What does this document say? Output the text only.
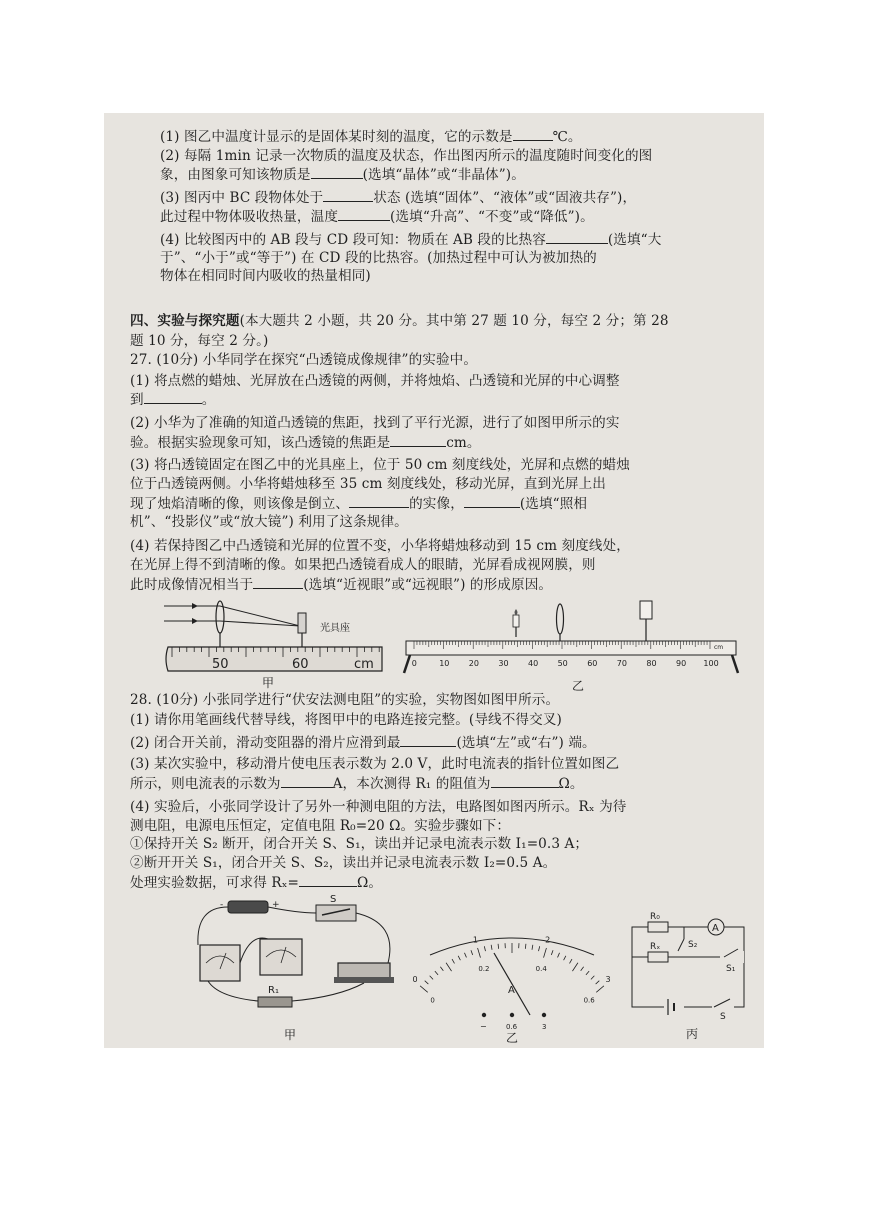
(1) 图乙中温度计显示的是固体某时刻的温度，它的示数是	℃。
(2) 每隔 1min 记录一次物质的温度及状态，作出图丙所示的温度随时间变化的图
象，由图象可知该物质是	(选填“晶体”或“非晶体”)。
(3) 图丙中 BC 段物体处于	状态 (选填“固体”、“液体”或“固液共存”)，
此过程中物体吸收热量，温度	(选填“升高”、“不变”或“降低”)。
(4) 比较图丙中的 AB 段与 CD 段可知：物质在 AB 段的比热容	(选填“大
于”、“小于”或“等于”) 在 CD 段的比热容。(加热过程中可认为被加热的
物体在相同时间内吸收的热量相同)
四、实验与探究题(本大题共 2 小题，共 20 分。其中第 27 题 10 分，每空 2 分；第 28
题 10 分，每空 2 分。)
27. (10分) 小华同学在探究“凸透镜成像规律”的实验中。
(1) 将点燃的蜡烛、光屏放在凸透镜的两侧，并将烛焰、凸透镜和光屏的中心调整
到	。
(2) 小华为了准确的知道凸透镜的焦距，找到了平行光源，进行了如图甲所示的实
验。根据实验现象可知，该凸透镜的焦距是	cm。
(3) 将凸透镜固定在图乙中的光具座上，位于 50 cm 刻度线处，光屏和点燃的蜡烛
位于凸透镜两侧。小华将蜡烛移至 35 cm 刻度线处，移动光屏，直到光屏上出
现了烛焰清晰的像，则该像是倒立、	的实像，	(选填“照相
机”、“投影仪”或“放大镜”) 利用了这条规律。
(4) 若保持图乙中凸透镜和光屏的位置不变，小华将蜡烛移动到 15 cm 刻度线处，
在光屏上得不到清晰的像。如果把凸透镜看成人的眼睛，光屏看成视网膜，则
此时成像情况相当于	(选填“近视眼”或“远视眼”) 的形成原因。
28. (10分) 小张同学进行“伏安法测电阻”的实验，实物图如图甲所示。
(1) 请你用笔画线代替导线，将图甲中的电路连接完整。(导线不得交叉)
(2) 闭合开关前，滑动变阻器的滑片应滑到最	(选填“左”或“右”) 端。
(3) 某次实验中，移动滑片使电压表示数为 2.0 V，此时电流表的指针位置如图乙
所示，则电流表的示数为	A，本次测得 R₁ 的阻值为	Ω。
(4) 实验后，小张同学设计了另外一种测电阻的方法，电路图如图丙所示。Rₓ 为待
测电阻，电源电压恒定，定值电阻 R₀=20 Ω。实验步骤如下：
①保持开关 S₂ 断开，闭合开关 S、S₁，读出并记录电流表示数 I₁=0.3 A；
②断开开关 S₁，闭合开关 S、S₂，读出并记录电流表示数 I₂=0.5 A。
处理实验数据，可求得 Rₓ=	Ω。
光具座
50	60	cm
甲
0	10 20 30 40 50 60 70 80 90 100
cm
乙
-	+	S
R₁
甲
0
1	2
3
0
0.2	0.4
0.6
A
−	0.6	3
乙
R₀
A
Rₓ	S₂
S₁
S
丙
